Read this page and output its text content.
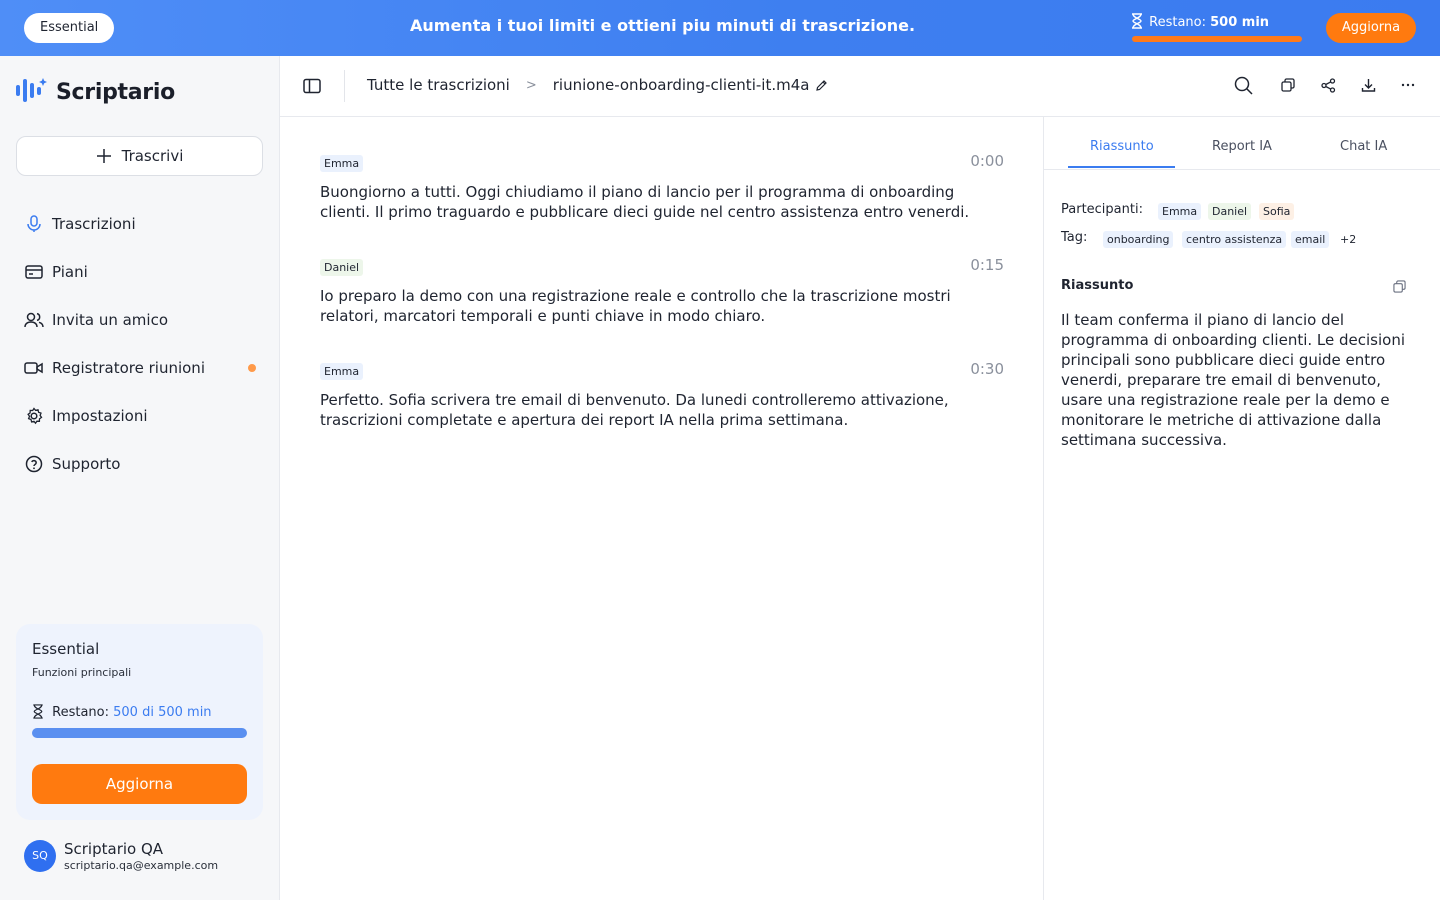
Essential	Aumenta i tuoi limiti e ottieni piu minuti di trascrizione.	Restano: 500 min	Aggiorna
Scriptario
Trascrivi
Trascrizioni
Piani
Invita un amico
Registratore riunioni
Impostazioni
Supporto
Essential
Funzioni principali
Restano: 500 di 500 min
Aggiorna
SQ	Scriptario QA
scriptario.qa@example.com
Tutte le trascrizioni > riunione-onboarding-clienti-it.m4a
Emma	0:00
Buongiorno a tutti. Oggi chiudiamo il piano di lancio per il programma di onboarding clienti. Il primo traguardo e pubblicare dieci guide nel centro assistenza entro venerdi.
Daniel	0:15
Io preparo la demo con una registrazione reale e controllo che la trascrizione mostri relatori, marcatori temporali e punti chiave in modo chiaro.
Emma	0:30
Perfetto. Sofia scrivera tre email di benvenuto. Da lunedi controlleremo attivazione, trascrizioni completate e apertura dei report IA nella prima settimana.
Riassunto	Report IA	Chat IA
Partecipanti:	Emma	Daniel	Sofia
Tag:	onboarding	centro assistenza	email	+2
Riassunto
Il team conferma il piano di lancio del programma di onboarding clienti. Le decisioni principali sono pubblicare dieci guide entro venerdi, preparare tre email di benvenuto, usare una registrazione reale per la demo e monitorare le metriche di attivazione dalla settimana successiva.
